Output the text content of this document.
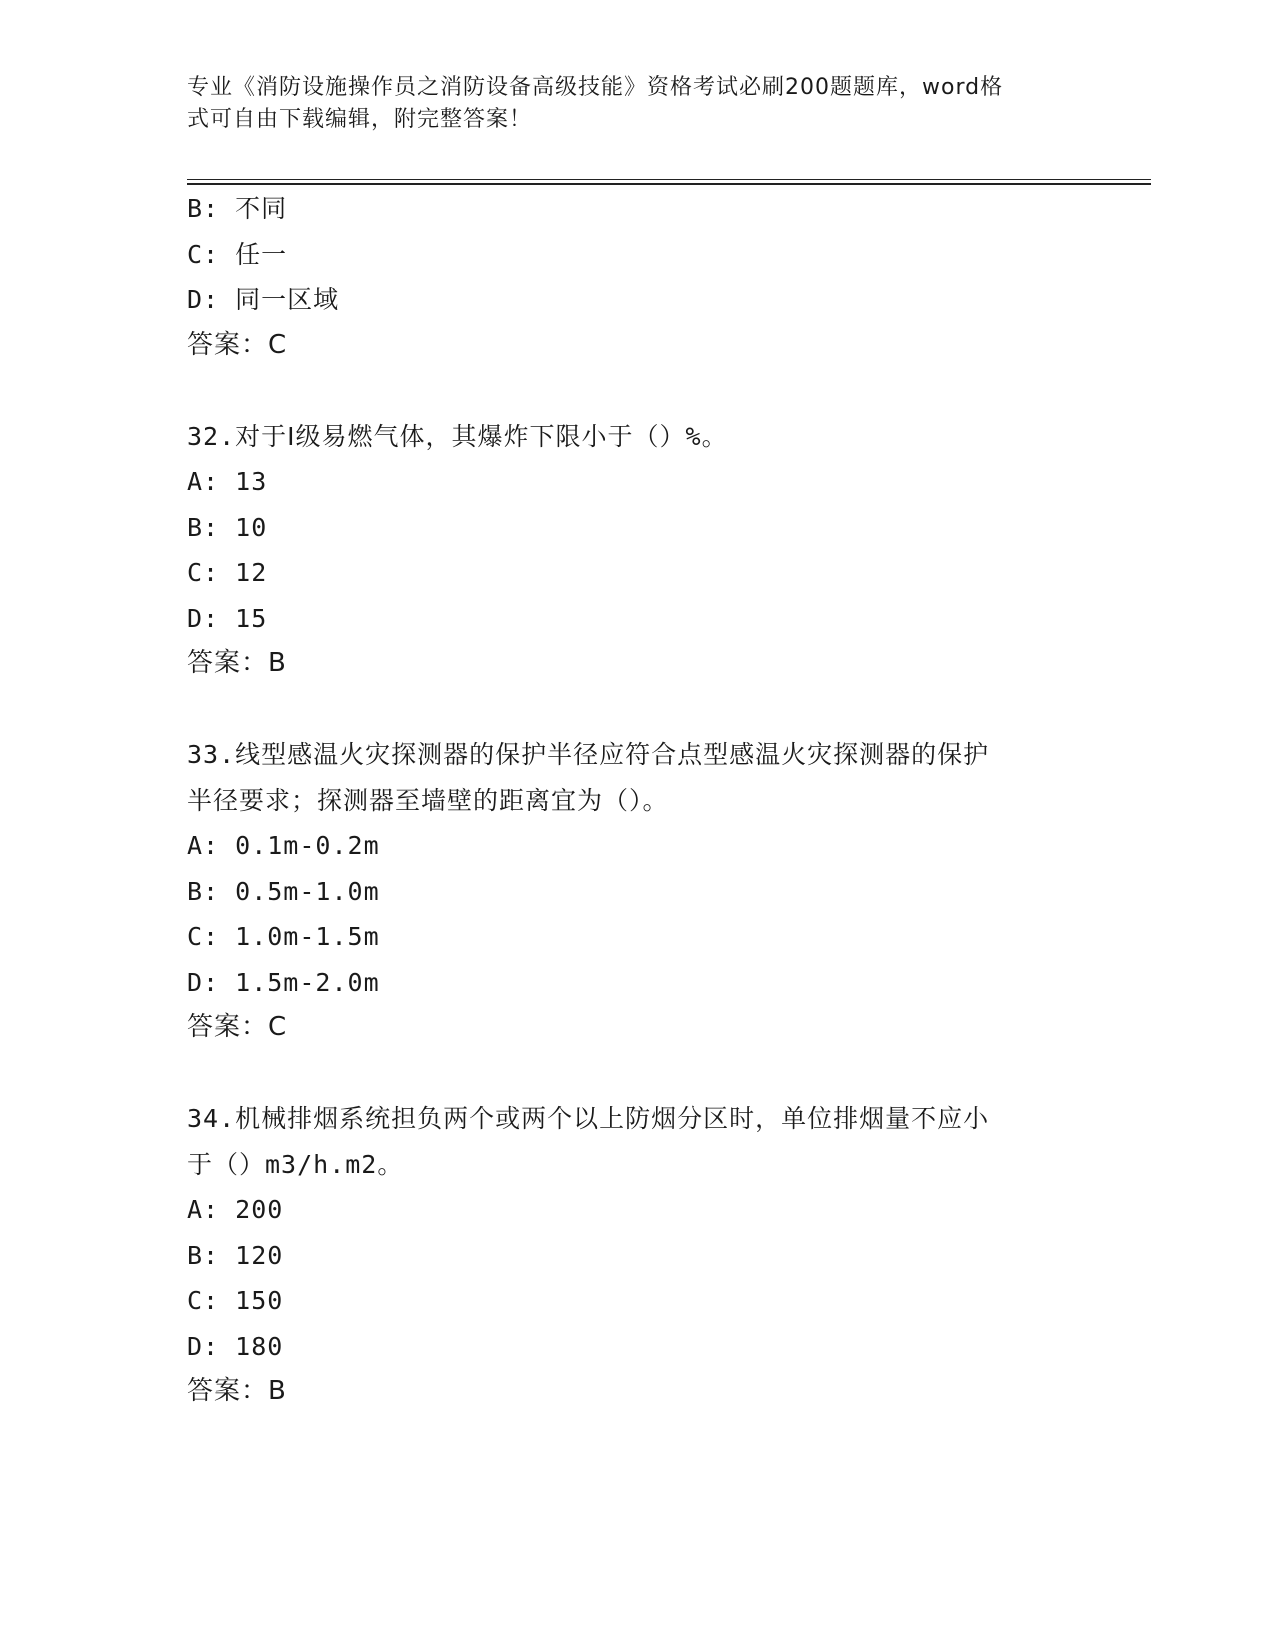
专业《消防设施操作员之消防设备高级技能》资格考试必刷200题题库，word格
式可自由下载编辑，附完整答案！
B: 不同
C: 任一
D: 同一区域
答案：C
32.对于Ⅰ级易燃气体，其爆炸下限小于（）%。
A: 13
B: 10
C: 12
D: 15
答案：B
33.线型感温火灾探测器的保护半径应符合点型感温火灾探测器的保护
半径要求；探测器至墙壁的距离宜为（）。
A: 0.1m-0.2m
B: 0.5m-1.0m
C: 1.0m-1.5m
D: 1.5m-2.0m
答案：C
34.机械排烟系统担负两个或两个以上防烟分区时，单位排烟量不应小
于（）m3/h.m2。
A: 200
B: 120
C: 150
D: 180
答案：B
